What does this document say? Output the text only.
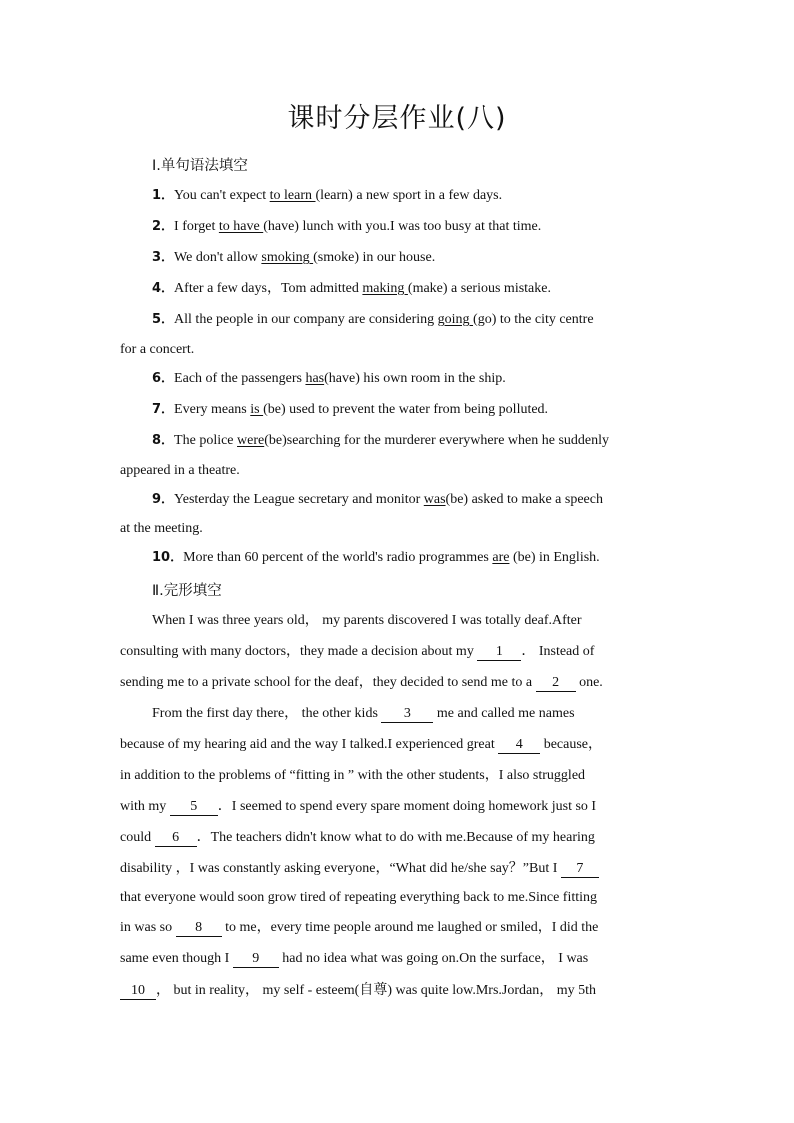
课时分层作业(八)
Ⅰ.单句语法填空
1．You can't expect to learn (learn) a new sport in a few days.
2．I forget to have (have) lunch with you.I was too busy at that time.
3．We don't allow smoking (smoke) in our house.
4．After a few days，Tom admitted making (make) a serious mistake.
5．All the people in our company are considering going (go) to the city centre
for a concert.
6．Each of the passengers has(have) his own room in the ship.
7．Every means is (be) used to prevent the water from being polluted.
8．The police were(be)searching for the murderer everywhere when he suddenly
appeared in a theatre.
9．Yesterday the League secretary and monitor was(be) asked to make a speech
at the meeting.
10．More than 60 percent of the world's radio programmes are (be) in English.
Ⅱ.完形填空
When I was three years old， my parents discovered I was totally deaf.After
consulting with many doctors，they made a decision about my 1 ． Instead of
sending me to a private school for the deaf，they decided to send me to a 2 one.
From the first day there， the other kids 3 me and called me names
because of my hearing aid and the way I talked.I experienced great 4 because，
in addition to the problems of “fitting in ” with the other students，I also struggled
with my 5 ．I seemed to spend every spare moment doing homework just so I
could 6 ．The teachers didn't know what to do with me.Because of my hearing
disability ，I was constantly asking everyone，“What did he/she say？”But I 7
that everyone would soon grow tired of repeating everything back to me.Since fitting
in was so 8 to me，every time people around me laughed or smiled，I did the
same even though I 9 had no idea what was going on.On the surface， I was
10 ， but in reality， my self - esteem(自尊) was quite low.Mrs.Jordan， my 5th
